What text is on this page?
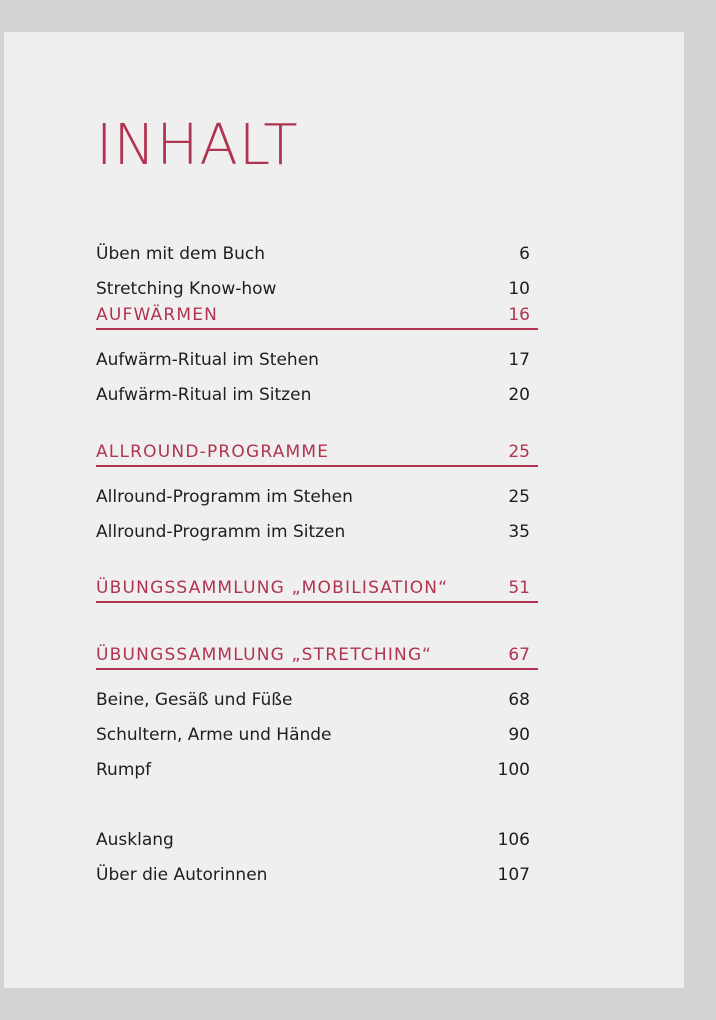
INHALT
Üben mit dem Buch	6
Stretching Know-how	10
AUFWÄRMEN	16
Aufwärm-Ritual im Stehen	17
Aufwärm-Ritual im Sitzen	20
ALLROUND-PROGRAMME	25
Allround-Programm im Stehen	25
Allround-Programm im Sitzen	35
ÜBUNGSSAMMLUNG „MOBILISATION“	51
ÜBUNGSSAMMLUNG „STRETCHING“	67
Beine, Gesäß und Füße	68
Schultern, Arme und Hände	90
Rumpf	100
Ausklang	106
Über die Autorinnen	107
